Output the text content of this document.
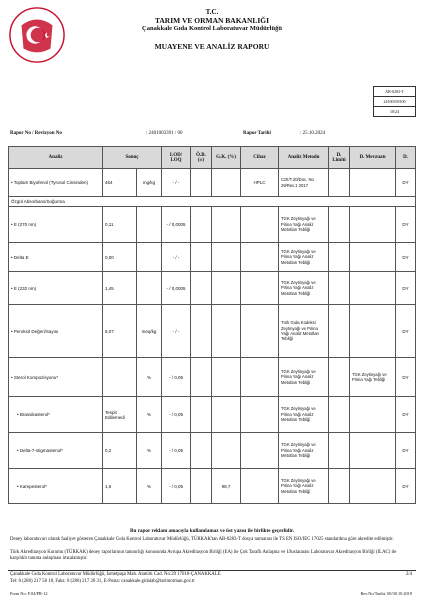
T.C.
TARIM VE ORMAN BAKANLIĞI
Çanakkale Gıda Kontrol Laboratuvar Müdürlüğü
MUAYENE VE ANALİZ RAPORU
AB-0283-T
24100339100
10/24
Rapor No / Revizyon No	: 2401003391 / 00	Rapor Tarihi	: 25.10.2024
Analiz	Sonuç		LOD/ LOQ	Ö.B. (±)	G.K. (%)	Cihaz	Analiz Metodu	D. Limiti	D. Mevzuatı	D.
• Toplam Biyofenol (Tyrosol Cinsinden)	464	mg/kg	- / -			HPLC	COI/T.20/Doc. No 29/Rev.1 2017			DY
Özgül Absorbans/Soğurma										
• E (270 nm)	0,11		- / 0,0005				TGK Zeytinyağı ve Pirina Yağı Analiz Metotları Tebliği			DY
• Delta E	0,00		- / -				TGK Zeytinyağı ve Pirina Yağı Analiz Metotları Tebliği			DY
• E (232 nm)	1,45		- / 0,0005				TGK Zeytinyağı ve Pirina Yağı Analiz Metotları Tebliği			DY
• Peroksit Değeri/Sayısı	8,07	meq/kg	- / -				Türk Gıda Kodeksi Zeytinyağı ve Pirina Yağı Analiz Metotları Tebliği			DY
• Sterol Kompozisyonu*		%	- / 0,05				TGK Zeytinyağı ve Pirina Yağı Analiz Metotları Tebliği		TGK Zeytinyağı ve Pirina Yağı Tebliği	DY
• Brassikasterol*	Tespit Edilemedi	%	- / 0,05				TGK Zeytinyağı ve Pirina Yağı Analiz Metotları Tebliği			DY
• Delta-7-stigmastenol*	0,2	%	- / 0,05				TGK Zeytinyağı ve Pirina Yağı Analiz Metotları Tebliği			DY
• Kampesterol*	1,6	%	- / 0,05		98,7		TGK Zeytinyağı ve Pirina Yağı Analiz Metotları Tebliği			DY
Bu rapor reklam amacıyla kullanılamaz ve üst yazısı ile birlikte geçerlidir.
Deney laboratuvarı olarak faaliyet gösteren Çanakkale Gıda Kontrol Laboratuvar Müdürlüğü, TÜRKAK'tan AB-0283-T dosya numarası ile TS EN ISO/IEC 17025 standardına göre akredite edilmiştir.
Türk Akreditasyon Kurumu (TÜRKAK) deney raporlarının tanınırlığı konusunda Avrupa Akreditasyon Birliği (EA) ile Çok Taraflı Anlaşma ve Uluslararası Laboratuvar Akreditasyon Birliği (ILAC) ile karşılıklı tanıma anlaşması imzalamıştır.
Çanakkale Gıda Kontrol Laboratuvar Müdürlüğü, İsmetpaşa Mah. Atatürk Cad. No:29 17010-ÇANAKKALE
Tel: 0 (286) 217 58 18, Faks: 0 (286) 217 20 31, E-Posta: canakkale.gidalab@tarimorman.gov.tr
2/4
Form No: F.04/PR-12	Rev.No/Tarihi: 00/30.10.2019
